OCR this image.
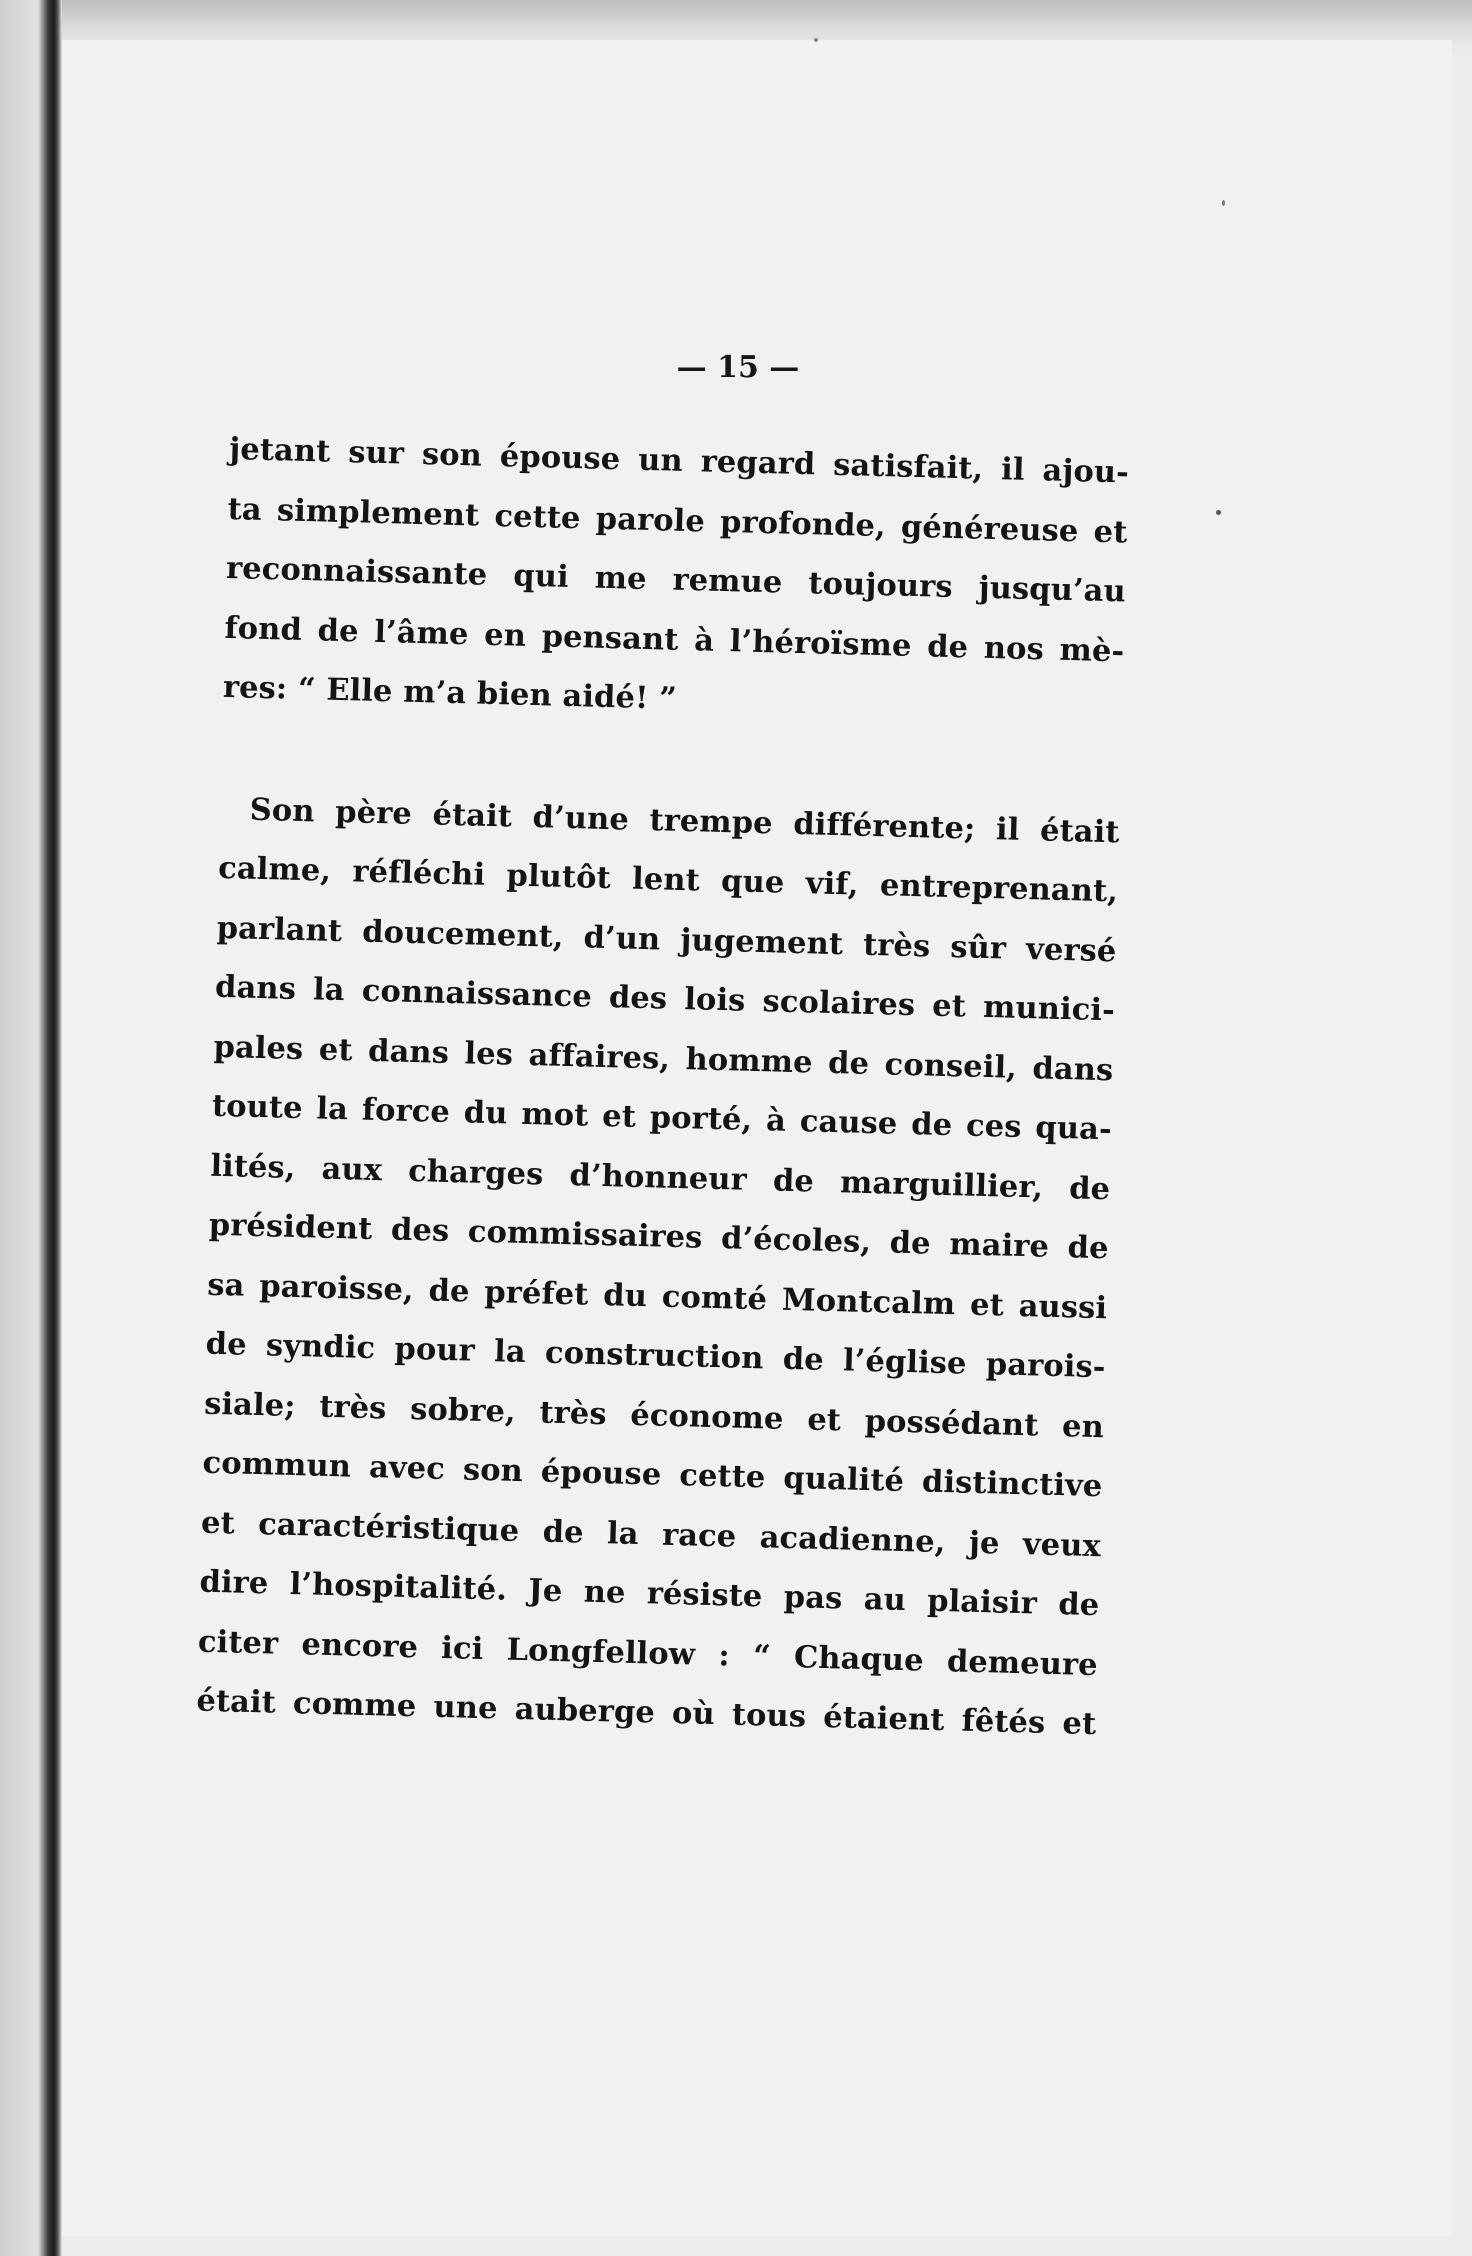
— 15 —
jetant sur son épouse un regard satisfait, il ajou-
ta simplement cette parole profonde, généreuse et
reconnaissante qui me remue toujours jusqu’au
fond de l’âme en pensant à l’héroïsme de nos mè-
res: “ Elle m’a bien aidé! ”
Son père était d’une trempe différente; il était
calme, réfléchi plutôt lent que vif, entreprenant,
parlant doucement, d’un jugement très sûr versé
dans la connaissance des lois scolaires et munici-
pales et dans les affaires, homme de conseil, dans
toute la force du mot et porté, à cause de ces qua-
lités, aux charges d’honneur de marguillier, de
président des commissaires d’écoles, de maire de
sa paroisse, de préfet du comté Montcalm et aussi
de syndic pour la construction de l’église parois-
siale; très sobre, très économe et possédant en
commun avec son épouse cette qualité distinctive
et caractéristique de la race acadienne, je veux
dire l’hospitalité. Je ne résiste pas au plaisir de
citer encore ici Longfellow : “ Chaque demeure
était comme une auberge où tous étaient fêtés et
